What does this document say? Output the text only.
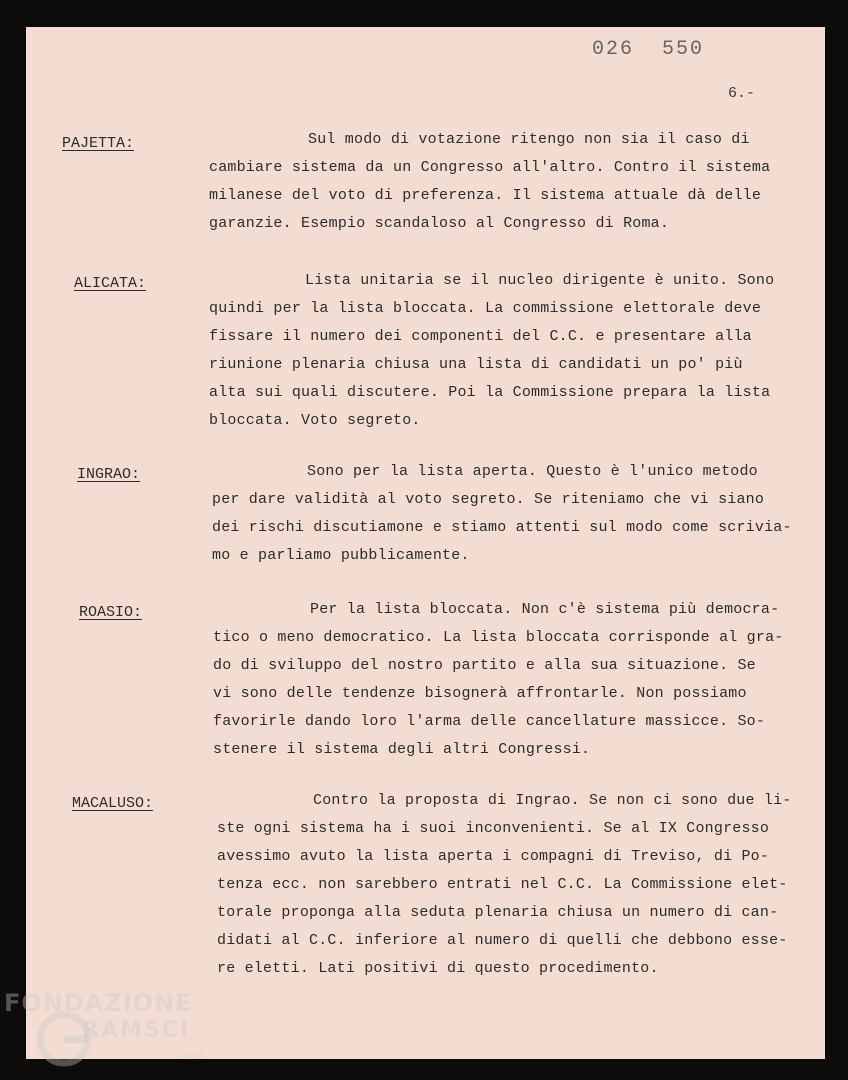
026  550
6.-
PAJETTA:	Sul modo di votazione ritengo non sia il caso di
cambiare sistema da un Congresso all'altro. Contro il sistema
milanese del voto di preferenza. Il sistema attuale dà delle
garanzie. Esempio scandaloso al Congresso di Roma.
ALICATA:	Lista unitaria se il nucleo dirigente è unito. Sono
quindi per la lista bloccata. La commissione elettorale deve
fissare il numero dei componenti del C.C. e presentare alla
riunione plenaria chiusa una lista di candidati un po' più
alta sui quali discutere. Poi la Commissione prepara la lista
bloccata. Voto segreto.
INGRAO:	Sono per la lista aperta. Questo è l'unico metodo
per dare validità al voto segreto. Se riteniamo che vi siano
dei rischi discutiamone e stiamo attenti sul modo come scrivia-
mo e parliamo pubblicamente.
ROASIO:	Per la lista bloccata. Non c'è sistema più democra-
tico o meno democratico. La lista bloccata corrisponde al gra-
do di sviluppo del nostro partito e alla sua situazione. Se
vi sono delle tendenze bisognerà affrontarle. Non possiamo
favorirle dando loro l'arma delle cancellature massicce. So-
stenere il sistema degli altri Congressi.
MACALUSO:	Contro la proposta di Ingrao. Se non ci sono due li-
ste ogni sistema ha i suoi inconvenienti. Se al IX Congresso
avessimo avuto la lista aperta i compagni di Treviso, di Po-
tenza ecc. non sarebbero entrati nel C.C. La Commissione elet-
torale proponga alla seduta plenaria chiusa un numero di can-
didati al C.C. inferiore al numero di quelli che debbono esse-
re eletti. Lati positivi di questo procedimento.
FONDAZIONE
RAMSCI
onlus
